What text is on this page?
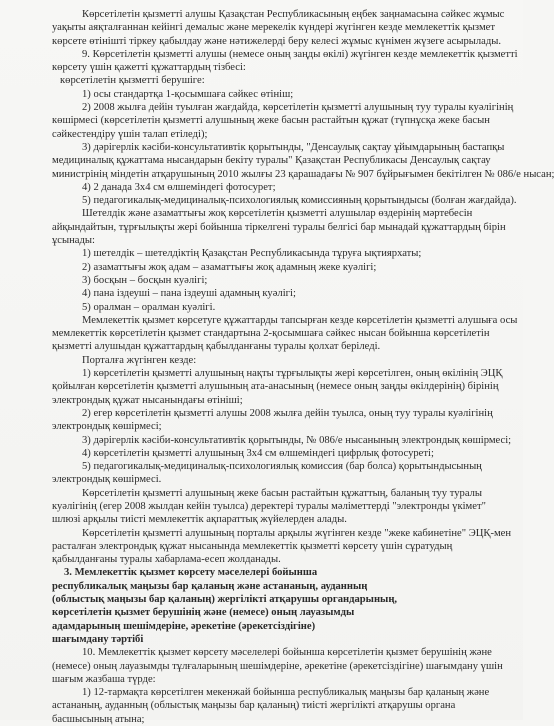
Көрсетілетін қызметті алушы Қазақстан Республикасының еңбек заңнамасына сәйкес жұмыс
уақыты аяқталғаннан кейінгі демалыс және мерекелік күндері жүгінген кезде мемлекеттік қызмет
көрсете өтінішті тіркеу қабылдау және нәтижелерді беру келесі жұмыс күнімен жүзеге асырылады.
9. Көрсетілетін қызметті алушы (немесе оның заңды өкілі) жүгінген кезде мемлекеттік қызметті
көрсету үшін қажетті құжаттардың тізбесі:
көрсетілетін қызметті берушіге:
1) осы стандартқа 1-қосымшаға сәйкес өтініш;
2) 2008 жылға дейін туылған жағдайда, көрсетілетін қызметті алушының туу туралы куәлігінің
көшірмесі (көрсетілетін қызметті алушының жеке басын растайтын құжат (түпнұсқа жеке басын
сәйкестендіру үшін талап етіледі);
3) дәрігерлік кәсіби-консультативтік қорытынды, "Денсаулық сақтау ұйымдарының бастапқы
медициналық құжаттама нысандарын бекіту туралы" Қазақстан Республикасы Денсаулық сақтау
министрінің міндетін атқарушының 2010 жылғы 23 қарашадағы № 907 бұйрығымен бекітілген № 086/е нысан;
4) 2 данада 3x4 см өлшеміндегі фотосурет;
5) педагогикалық-медициналық-психологиялық комиссияның қорытындысы (болған жағдайда).
Шетелдік және азаматтығы жоқ көрсетілетін қызметті алушылар өздерінің мәртебесін
айқындайтын, тұрғылықты жері бойынша тіркелгені туралы белгісі бар мынадай құжаттардың бірін
ұсынады:
1) шетелдік – шетелдіктің Қазақстан Республикасында тұруға ықтиярхаты;
2) азаматтығы жоқ адам – азаматтығы жоқ адамның жеке куәлігі;
3) босқын – босқын куәлігі;
4) пана іздеуші – пана іздеуші адамның куәлігі;
5) оралман – оралман куәлігі.
Мемлекеттік қызмет көрсетуге құжаттарды тапсырған кезде көрсетілетін қызметті алушыға осы
мемлекеттік көрсетілетін қызмет стандартына 2-қосымшаға сәйкес нысан бойынша көрсетілетін
қызметті алушыдан құжаттардың қабылданғаны туралы қолхат беріледі.
Порталға жүгінген кезде:
1) көрсетілетін қызметті алушының нақты тұрғылықты жері көрсетілген, оның өкілінің ЭЦҚ
қойылған көрсетілетін қызметті алушының ата-анасының (немесе оның заңды өкілдерінің) бірінің
электрондық құжат нысанындағы өтініші;
2) егер көрсетілетін қызметті алушы 2008 жылға дейін туылса, оның туу туралы куәлігінің
электрондық көшірмесі;
3) дәрігерлік кәсіби-консультативтік қорытынды, № 086/е нысанының электрондық көшірмесі;
4) көрсетілетін қызметті алушының 3x4 см өлшеміндегі цифрлық фотосуреті;
5) педагогикалық-медициналық-психологиялық комиссия (бар болса) қорытындысының
электрондық көшірмесі.
Көрсетілетін қызметті алушының жеке басын растайтын құжаттың, баланың туу туралы
куәлігінің (егер 2008 жылдан кейін туылса) деректері туралы мәліметтерді "электронды үкімет"
шлюзі арқылы тиісті мемлекеттік ақпараттық жүйелерден алады.
Көрсетілетін қызметті алушының порталы арқылы жүгінген кезде "жеке кабинетіне" ЭЦҚ-мен
расталған электрондық құжат нысанында мемлекеттік қызметті көрсету үшін сұратудың
қабылданғаны туралы хабарлама-есеп жолданады.
3. Мемлекеттік қызмет көрсету мәселелері бойынша
республикалық маңызы бар қаланың және астананың, ауданның
(облыстық маңызы бар қаланың) жергілікті атқарушы органдарының,
көрсетілетін қызмет берушінің және (немесе) оның лауазымды
адамдарының шешімдеріне, әрекетіне (әрекетсіздігіне)
шағымдану тәртібі
10. Мемлекеттік қызмет көрсету мәселелері бойынша көрсетілетін қызмет берушінің және
(немесе) оның лауазымды тұлғаларының шешімдеріне, әрекетіне (әрекетсіздігіне) шағымдану үшін
шағым жазбаша түрде:
1) 12-тармақта көрсетілген мекенжай бойынша республикалық маңызы бар қаланың және
астананың, ауданның (облыстық маңызы бар қаланың) тиісті жергілікті атқарушы органа
басшысының атына;
